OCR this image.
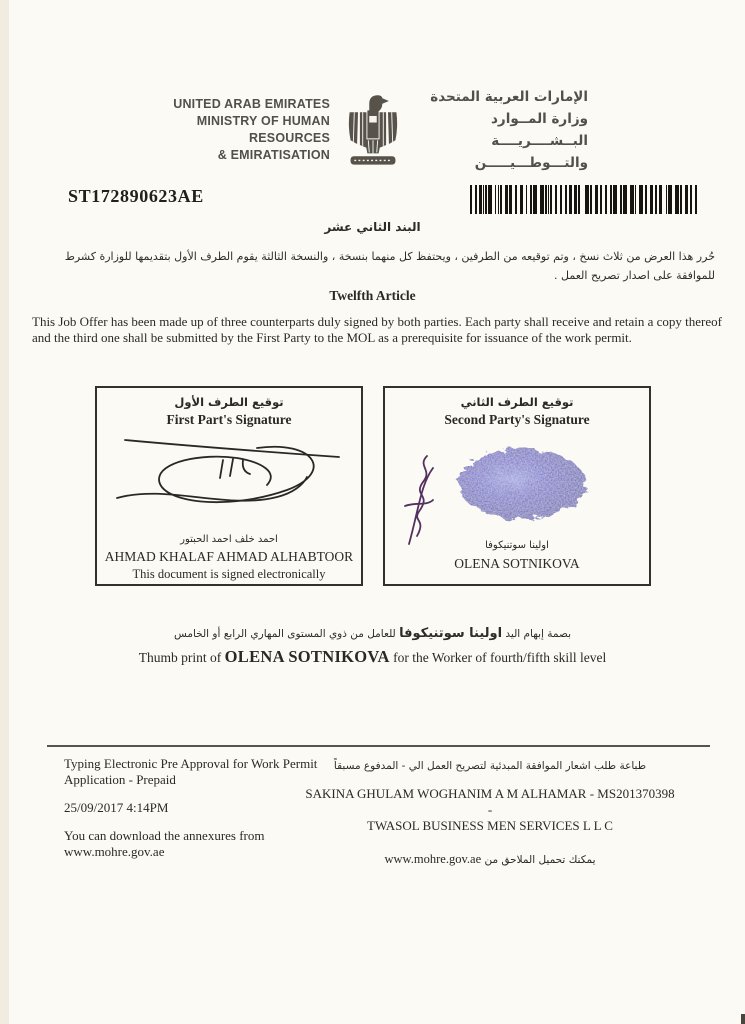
UNITED ARAB EMIRATES
MINISTRY OF HUMAN RESOURCES
& EMIRATISATION
الإمارات العربية المتحدة
وزارة المــوارد البــشــــريــــة
والتـــوطـــيـــــن
ST172890623AE
البند الثاني عشر
حُرر هذا العرض من ثلاث نسخ ، وتم توقيعه من الطرفين ، ويحتفظ كل منهما بنسخة ، والنسخة الثالثة يقوم الطرف الأول بتقديمها للوزارة كشرط للموافقة على اصدار تصريح العمل .
Twelfth Article
This Job Offer has been made up of three counterparts duly signed by both parties. Each party shall receive and retain a copy thereof and the third one shall be submitted by the First Party to the MOL as a prerequisite for issuance of the work permit.
توقيع الطرف الأول
First Part's Signature
احمد خلف احمد الحبتور
AHMAD KHALAF AHMAD ALHABTOOR
This document is signed electronically
توقيع الطرف الثاني
Second Party's Signature
اولينا سوتنيكوفا
OLENA SOTNIKOVA
بصمة إبهام اليد اولينا سوتنيكوفا للعامل من ذوي المستوى المهاري الرابع أو الخامس
Thumb print of OLENA SOTNIKOVA for the Worker of fourth/fifth skill level
Typing Electronic Pre Approval for Work Permit Application - Prepaid
25/09/2017 4:14PM
You can download the annexures from
www.mohre.gov.ae
طباعة طلب اشعار الموافقة المبدئية لتصريح العمل الي - المدفوع مسبقاً
SAKINA GHULAM WOGHANIM A M ALHAMAR - MS201370398 -
TWASOL BUSINESS MEN SERVICES L L C
يمكنك تحميل الملاحق من www.mohre.gov.ae
